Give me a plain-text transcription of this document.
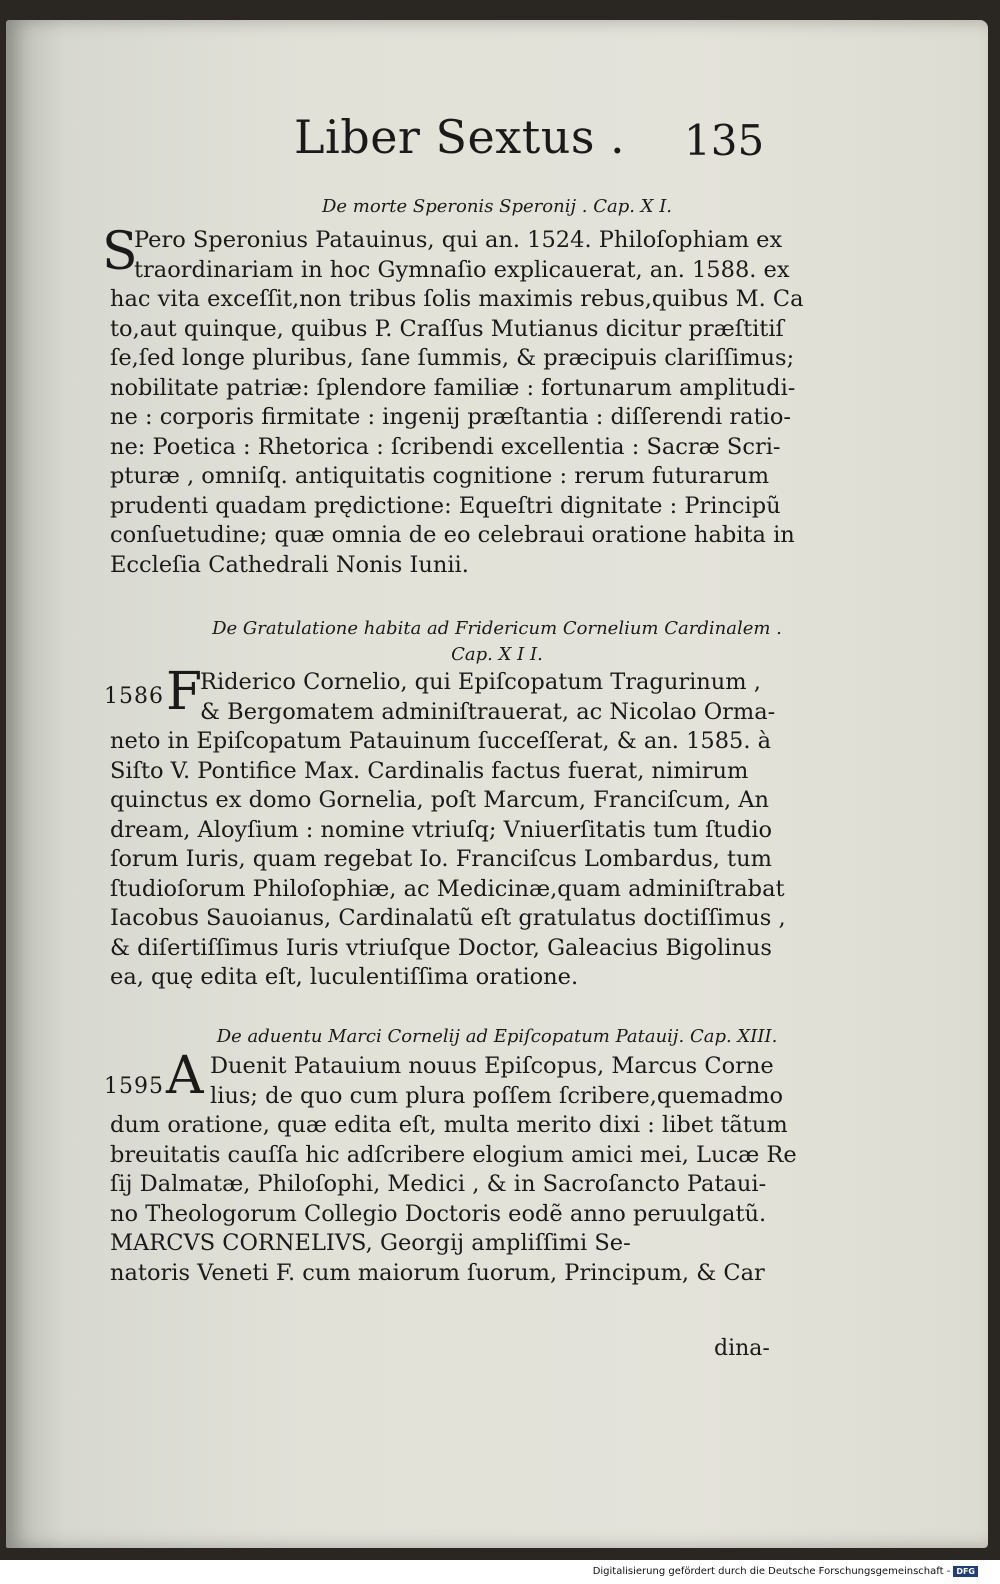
Liber Sextus . 135
De morte Speronis Speronij . Cap. X I.
S
Pero Speronius Patauinus, qui an. 1524. Philoſophiam ex
traordinariam in hoc Gymnaſio explicauerat, an. 1588. ex
hac vita exceſſit,non tribus ſolis maximis rebus,quibus M. Ca
to,aut quinque, quibus P. Craſſus Mutianus dicitur præſtitiſ
ſe,ſed longe pluribus, ſane ſummis, & præcipuis clariſſimus;
nobilitate patriæ: ſplendore familiæ : fortunarum amplitudi-
ne : corporis firmitate : ingenij præſtantia : diſſerendi ratio-
ne: Poetica : Rhetorica : ſcribendi excellentia : Sacræ Scri-
pturæ , omniſq. antiquitatis cognitione : rerum futurarum
prudenti quadam prędictione: Equeſtri dignitate : Principũ
conſuetudine; quæ omnia de eo celebraui oratione habita in
Eccleſia Cathedrali Nonis Iunii.
De Gratulatione habita ad Fridericum Cornelium Cardinalem .
Cap. X I I.
1586 F
Riderico Cornelio, qui Epiſcopatum Tragurinum ,
& Bergomatem adminiſtrauerat, ac Nicolao Orma-
neto in Epiſcopatum Patauinum ſucceſſerat, & an. 1585. à
Siſto V. Pontifice Max. Cardinalis factus fuerat, nimirum
quinctus ex domo Gornelia, poſt Marcum, Franciſcum, An
dream, Aloyſium : nomine vtriuſq; Vniuerſitatis tum ſtudio
ſorum Iuris, quam regebat Io. Franciſcus Lombardus, tum
ſtudioſorum Philoſophiæ, ac Medicinæ,quam adminiſtrabat
Iacobus Sauoianus, Cardinalatũ eſt gratulatus doctiſſimus ,
& diſertiſſimus Iuris vtriuſque Doctor, Galeacius Bigolinus
ea, quę edita eſt, luculentiſſima oratione.
De aduentu Marci Cornelij ad Epiſcopatum Patauij. Cap. XIII.
1595 A Duenit Patauium nouus Epiſcopus, Marcus Corne
lius; de quo cum plura poſſem ſcribere,quemadmo
dum oratione, quæ edita eſt, multa merito dixi : libet tãtum
breuitatis cauſſa hic adſcribere elogium amici mei, Lucæ Re
ſij Dalmatæ, Philoſophi, Medici , & in Sacroſancto Pataui-
no Theologorum Collegio Doctoris eodẽ anno peruulgatũ.
MARCVS CORNELIVS, Georgij ampliſſimi Se-
natoris Veneti F. cum maiorum ſuorum, Principum, & Car
dina-
Digitalisierung gefördert durch die Deutsche Forschungsgemeinschaft - DFG
